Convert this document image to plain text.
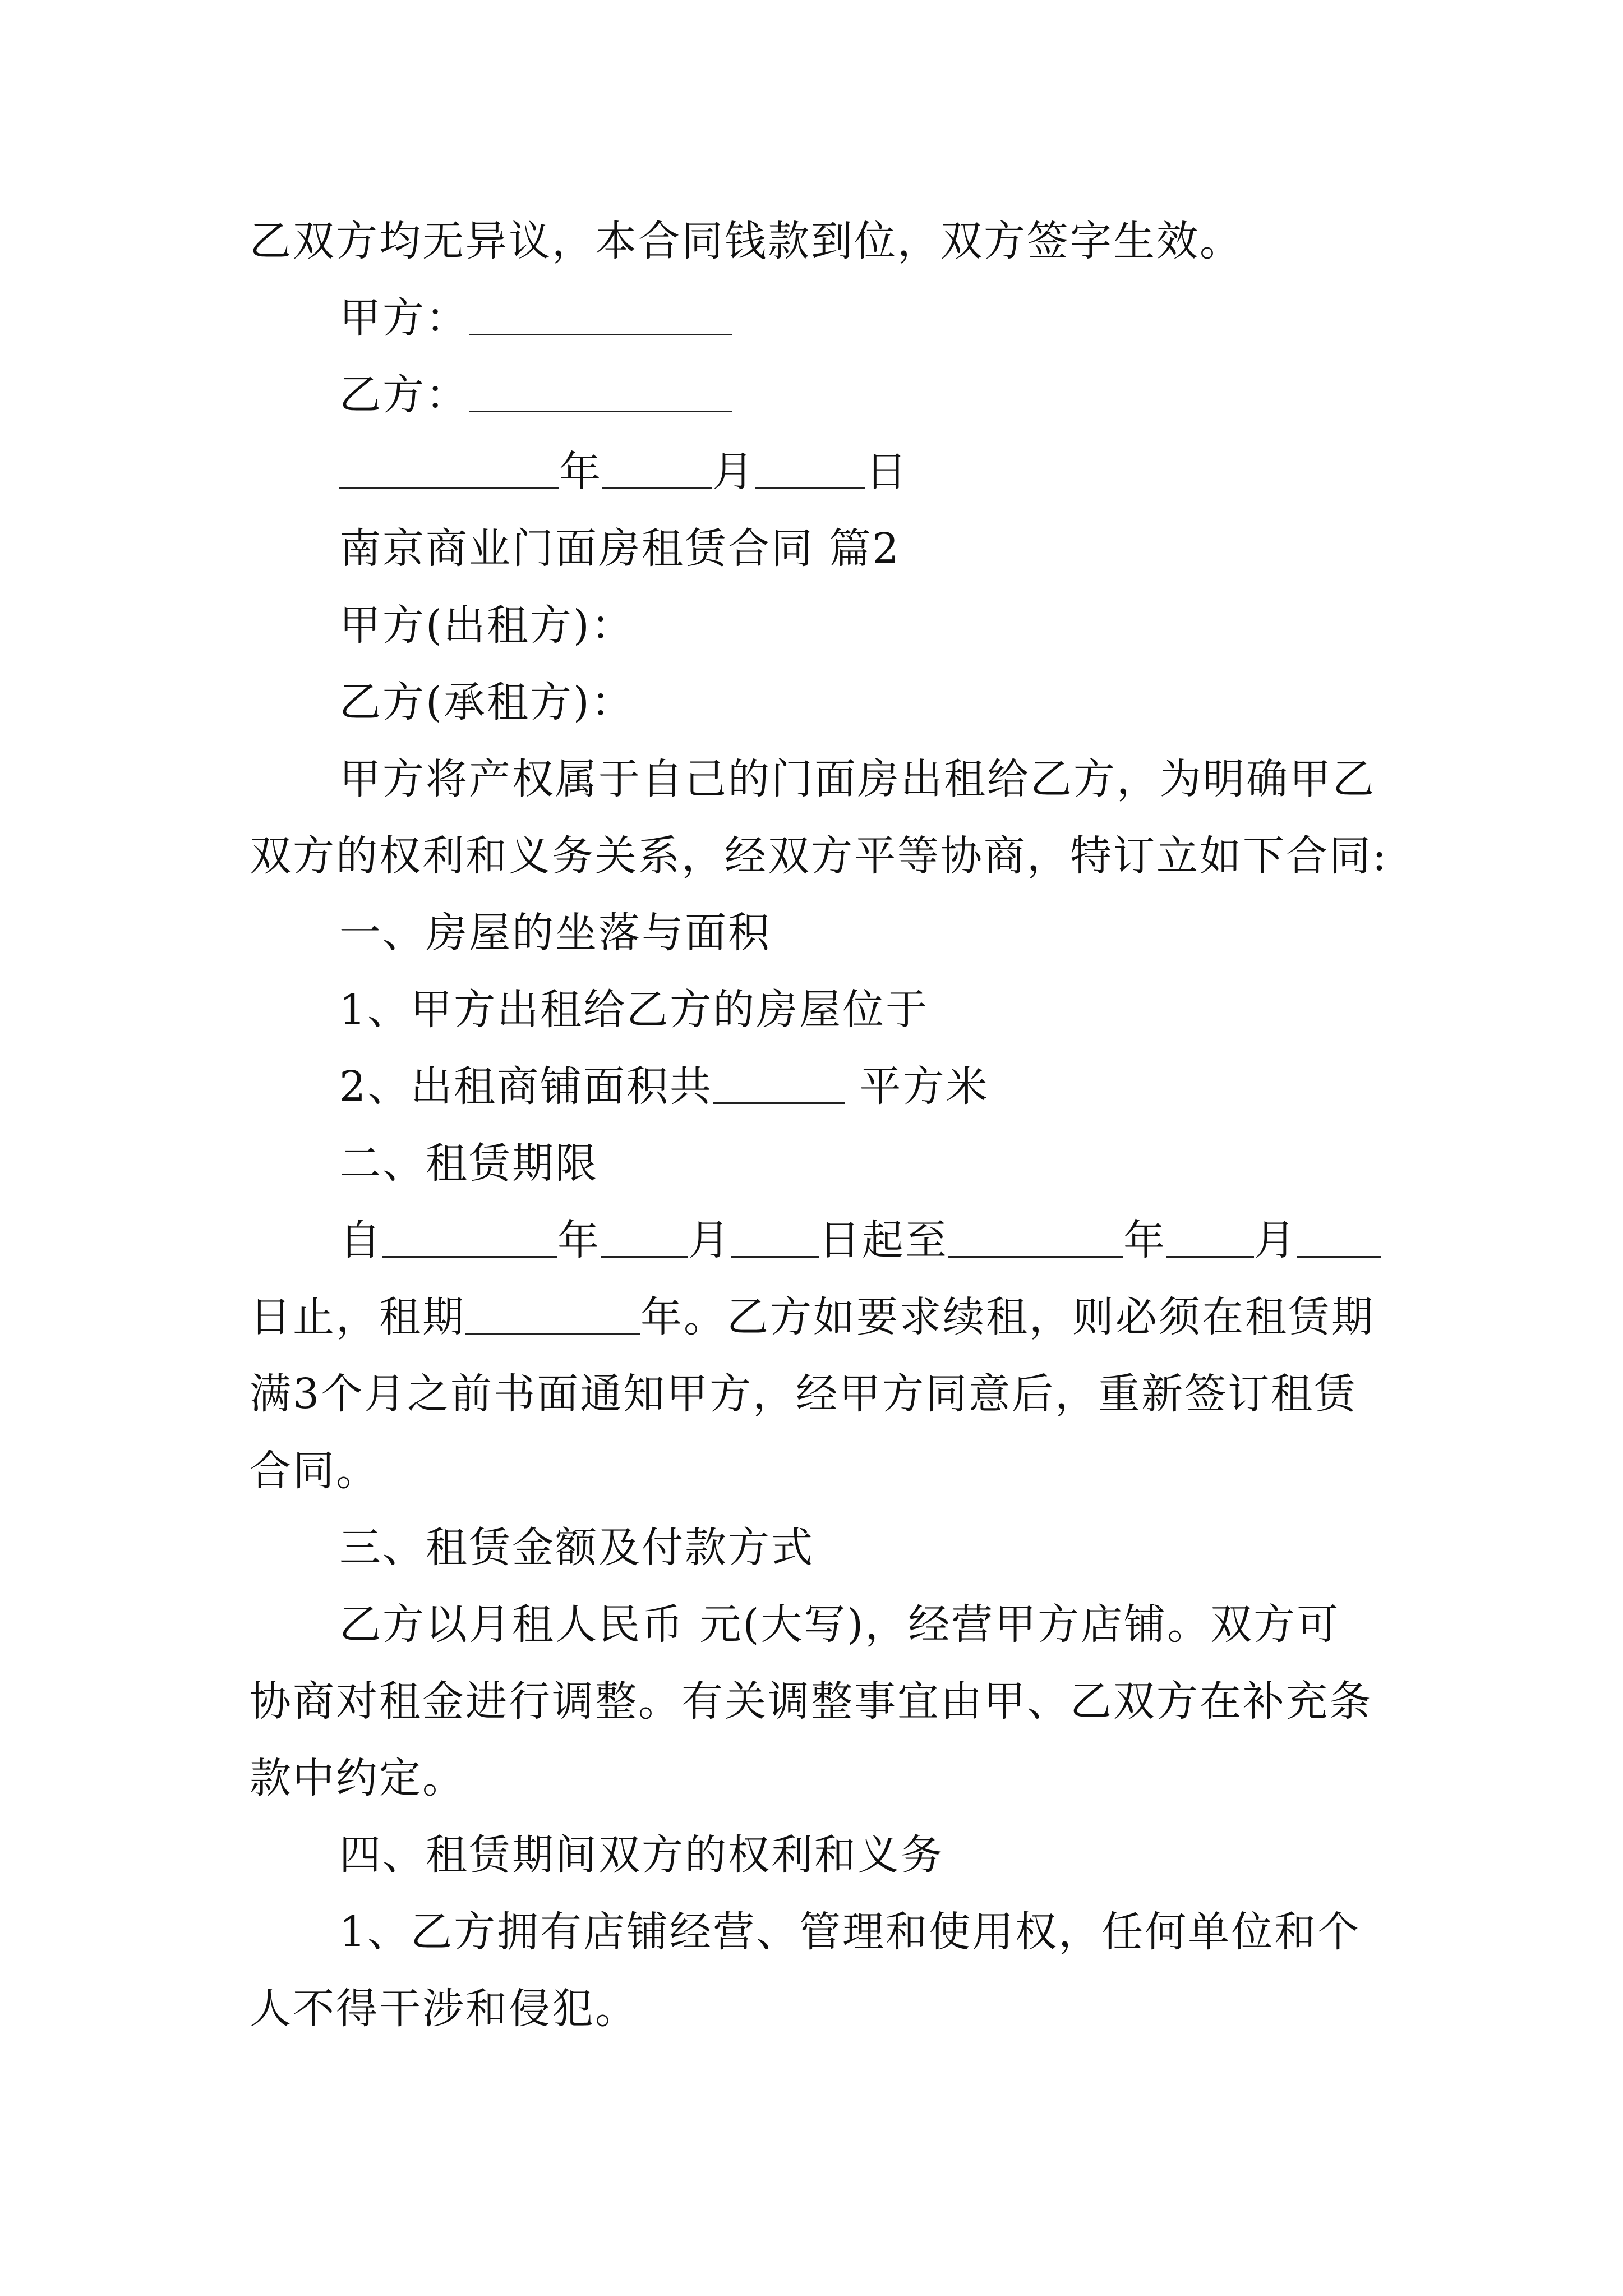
乙双方均无异议，本合同钱款到位，双方签字生效。
甲方：
乙方：
年	月	日
南京商业门面房租赁合同 篇2
甲方(出租方)：
乙方(承租方)：
甲方将产权属于自己的门面房出租给乙方，为明确甲乙
双方的权利和义务关系，经双方平等协商，特订立如下合同:
一、房屋的坐落与面积
1、甲方出租给乙方的房屋位于
2、出租商铺面积共	平方米
二、租赁期限
自	年 月 日起至	年 月
日止，租期	年。乙方如要求续租，则必须在租赁期
满3个月之前书面通知甲方，经甲方同意后，重新签订租赁
合同。
三、租赁金额及付款方式
乙方以月租人民币 元(大写)，经营甲方店铺。双方可
协商对租金进行调整。有关调整事宜由甲、乙双方在补充条
款中约定。
四、租赁期间双方的权利和义务
1、乙方拥有店铺经营、管理和使用权，任何单位和个
人不得干涉和侵犯。
